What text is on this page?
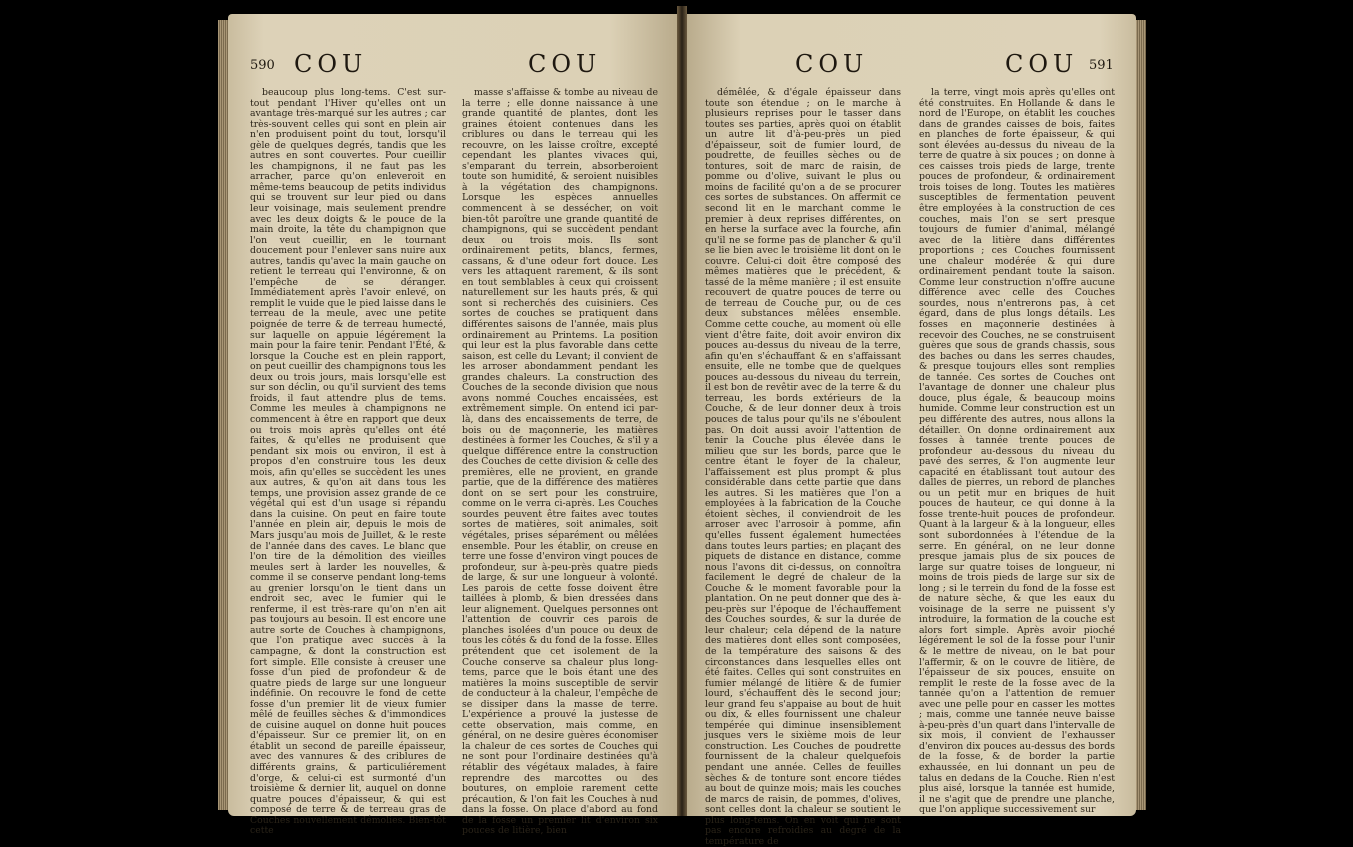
590 COU	COU

beaucoup plus long-tems. C'est sur-tout pendant l'Hiver qu'elles ont un avantage très-marqué sur les autres ; car très-souvent celles qui sont en plein air n'en produisent point du tout, lorsqu'il gèle de quelques degrés, tandis que les autres en sont couvertes. Pour cueillir les champignons, il ne faut pas les arracher, parce qu'on enleveroit en même-tems beaucoup de petits individus qui se trouvent sur leur pied ou dans leur voisinage, mais seulement prendre avec les deux doigts & le pouce de la main droite, la tête du champignon que l'on veut cueillir, en le tournant doucement pour l'enlever sans nuire aux autres, tandis qu'avec la main gauche on retient le terreau qui l'environne, & on l'empêche de se déranger. Immédiatement après l'avoir enlevé, on remplit le vuide que le pied laisse dans le terreau de la meule, avec une petite poignée de terre & de terreau humecté, sur laquelle on appuie légérement la main pour la faire tenir. Pendant l'Été, & lorsque la Couche est en plein rapport, on peut cueillir des champignons tous les deux ou trois jours, mais lorsqu'elle est sur son déclin, ou qu'il survient des tems froids, il faut attendre plus de tems. Comme les meules à champignons ne commencent à être en rapport que deux ou trois mois après qu'elles ont été faites, & qu'elles ne produisent que pendant six mois ou environ, il est à propos d'en construire tous les deux mois, afin qu'elles se succèdent les unes aux autres, & qu'on ait dans tous les temps, une provision assez grande de ce végétal qui est d'un usage si répandu dans la cuisine. On peut en faire toute l'année en plein air, depuis le mois de Mars jusqu'au mois de Juillet, & le reste de l'année dans des caves. Le blanc que l'on tire de la démolition des vieilles meules sert à larder les nouvelles, & comme il se conserve pendant long-tems au grenier lorsqu'on le tient dans un endroit sec, avec le fumier qui le renferme, il est très-rare qu'on n'en ait pas toujours au besoin. Il est encore une autre sorte de Couches à champignons, que l'on pratique avec succès à la campagne, & dont la construction est fort simple. Elle consiste à creuser une fosse d'un pied de profondeur & de quatre pieds de large sur une longueur indéfinie. On recouvre le fond de cette fosse d'un premier lit de vieux fumier mêlé de feuilles sèches & d'immondices de cuisine auquel on donne huit pouces d'épaisseur. Sur ce premier lit, on en établit un second de pareille épaisseur, avec des vannures & des criblures de différents grains, & particuliérement d'orge, & celui-ci est surmonté d'un troisième & dernier lit, auquel on donne quatre pouces d'épaisseur, & qui est composé de terre & de terreau gras de Couches nouvellement démolies. Bien-tôt cette

masse s'affaisse & tombe au niveau de la terre ; elle donne naissance à une grande quantité de plantes, dont les graines étoient contenues dans les criblures ou dans le terreau qui les recouvre, on les laisse croître, excepté cependant les plantes vivaces qui, s'emparant du terrein, absorberoient toute son humidité, & seroient nuisibles à la végétation des champignons. Lorsque les espèces annuelles commencent à se dessécher, on voit bien-tôt paroître une grande quantité de champignons, qui se succèdent pendant deux ou trois mois. Ils sont ordinairement petits, blancs, fermes, cassans, & d'une odeur fort douce. Les vers les attaquent rarement, & ils sont en tout semblables à ceux qui croissent naturellement sur les hauts prés, & qui sont si recherchés des cuisiniers. Ces sortes de couches se pratiquent dans différentes saisons de l'année, mais plus ordinairement au Printems. La position qui leur est la plus favorable dans cette saison, est celle du Levant; il convient de les arroser abondamment pendant les grandes chaleurs. La construction des Couches de la seconde division que nous avons nommé Couches encaissées, est extrêmement simple. On entend ici par-là, dans des encaissements de terre, de bois ou de maçonnerie, les matières destinées à former les Couches, & s'il y a quelque différence entre la construction des Couches de cette division & celle des premières, elle ne provient, en grande partie, que de la différence des matières dont on se sert pour les construire, comme on le verra ci-après. Les Couches sourdes peuvent être faites avec toutes sortes de matières, soit animales, soit végétales, prises séparément ou mêlées ensemble. Pour les établir, on creuse en terre une fosse d'environ vingt pouces de profondeur, sur à-peu-près quatre pieds de large, & sur une longueur à volonté. Les parois de cette fosse doivent être taillées à plomb, & bien dressées dans leur alignement. Quelques personnes ont l'attention de couvrir ces parois de planches isolées d'un pouce ou deux de tous les côtés & du fond de la fosse. Elles prétendent que cet isolement de la Couche conserve sa chaleur plus long-tems, parce que le bois étant une des matières la moins susceptible de servir de conducteur à la chaleur, l'empêche de se dissiper dans la masse de terre. L'expérience a prouvé la justesse de cette observation, mais comme, en général, on ne desire guères économiser la chaleur de ces sortes de Couches qui ne sont pour l'ordinaire destinées qu'à rétablir des végétaux malades, à faire reprendre des marcottes ou des boutures, on emploie rarement cette précaution, & l'on fait les Couches à nud dans la fosse. On place d'abord au fond de la fosse un premier lit d'environ six pouces de litière, bien

COU	COU 591

démêlée, & d'égale épaisseur dans toute son étendue ; on le marche à plusieurs reprises pour le tasser dans toutes ses parties, après quoi on établit un autre lit d'à-peu-près un pied d'épaisseur, soit de fumier lourd, de poudrette, de feuilles sèches ou de tontures, soit de marc de raisin, de pomme ou d'olive, suivant le plus ou moins de facilité qu'on a de se procurer ces sortes de substances. On affermit ce second lit en le marchant comme le premier à deux reprises différentes, on en herse la surface avec la fourche, afin qu'il ne se forme pas de plancher & qu'il se lie bien avec le troisième lit dont on le couvre. Celui-ci doit être composé des mêmes matières que le précédent, & tassé de la même manière ; il est ensuite recouvert de quatre pouces de terre ou de terreau de Couche pur, ou de ces deux substances mêlées ensemble. Comme cette couche, au moment où elle vient d'être faite, doit avoir environ dix pouces au-dessus du niveau de la terre, afin qu'en s'échauffant & en s'affaissant ensuite, elle ne tombe que de quelques pouces au-dessous du niveau du terrein, il est bon de revêtir avec de la terre & du terreau, les bords extérieurs de la Couche, & de leur donner deux à trois pouces de talus pour qu'ils ne s'éboulent pas. On doit aussi avoir l'attention de tenir la Couche plus élevée dans le milieu que sur les bords, parce que le centre étant le foyer de la chaleur, l'affaissement est plus prompt & plus considérable dans cette partie que dans les autres. Si les matières que l'on a employées à la fabrication de la Couche étoient sèches, il conviendroit de les arroser avec l'arrosoir à pomme, afin qu'elles fussent également humectées dans toutes leurs parties; en plaçant des piquets de distance en distance, comme nous l'avons dit ci-dessus, on connoîtra facilement le degré de chaleur de la Couche & le moment favorable pour la plantation. On ne peut donner que des à-peu-près sur l'époque de l'échauffement des Couches sourdes, & sur la durée de leur chaleur; cela dépend de la nature des matières dont elles sont composées, de la température des saisons & des circonstances dans lesquelles elles ont été faites. Celles qui sont construites en fumier mélangé de litière & de fumier lourd, s'échauffent dès le second jour; leur grand feu s'appaise au bout de huit ou dix, & elles fournissent une chaleur tempérée qui diminue insensiblement jusques vers le sixième mois de leur construction. Les Couches de poudrette fournissent de la chaleur quelquefois pendant une année. Celles de feuilles sèches & de tonture sont encore tiédes au bout de quinze mois; mais les couches de marcs de raisin, de pommes, d'olives, sont celles dont la chaleur se soutient le plus long-tems. On en voit qui ne sont pas encore refroidies au degré de la température de

la terre, vingt mois après qu'elles ont été construites. En Hollande & dans le nord de l'Europe, on établit les couches dans de grandes caisses de bois, faites en planches de forte épaisseur, & qui sont élevées au-dessus du niveau de la terre de quatre à six pouces ; on donne à ces caisses trois pieds de large, trente pouces de profondeur, & ordinairement trois toises de long. Toutes les matières susceptibles de fermentation peuvent être employées à la construction de ces couches, mais l'on se sert presque toujours de fumier d'animal, mélangé avec de la litière dans différentes proportions ; ces Couches fournissent une chaleur modérée & qui dure ordinairement pendant toute la saison. Comme leur construction n'offre aucune différence avec celle des Couches sourdes, nous n'entrerons pas, à cet égard, dans de plus longs détails. Les fosses en maçonnerie destinées à recevoir des Couches, ne se construisent guères que sous de grands chassis, sous des baches ou dans les serres chaudes, & presque toujours elles sont remplies de tannée. Ces sortes de Couches ont l'avantage de donner une chaleur plus douce, plus égale, & beaucoup moins humide. Comme leur construction est un peu différente des autres, nous allons la détailler. On donne ordinairement aux fosses à tannée trente pouces de profondeur au-dessous du niveau du pavé des serres, & l'on augmente leur capacité en établissant tout autour des dalles de pierres, un rebord de planches ou un petit mur en briques de huit pouces de hauteur, ce qui donne à la fosse trente-huit pouces de profondeur. Quant à la largeur & à la longueur, elles sont subordonnées à l'étendue de la serre. En général, on ne leur donne presque jamais plus de six pouces de large sur quatre toises de longueur, ni moins de trois pieds de large sur six de long ; si le terrein du fond de la fosse est de nature sèche, & que les eaux du voisinage de la serre ne puissent s'y introduire, la formation de la couche est alors fort simple. Après avoir pioché légérement le sol de la fosse pour l'unir & le mettre de niveau, on le bat pour l'affermir, & on le couvre de litière, de l'épaisseur de six pouces, ensuite on remplit le reste de la fosse avec de la tannée qu'on a l'attention de remuer avec une pelle pour en casser les mottes ; mais, comme une tannée neuve baisse à-peu-près d'un quart dans l'intervalle de six mois, il convient de l'exhausser d'environ dix pouces au-dessus des bords de la fosse, & de border la partie exhaussée, en lui donnant un peu de talus en dedans de la Couche. Rien n'est plus aisé, lorsque la tannée est humide, il ne s'agit que de prendre une planche, que l'on applique successivement sur
